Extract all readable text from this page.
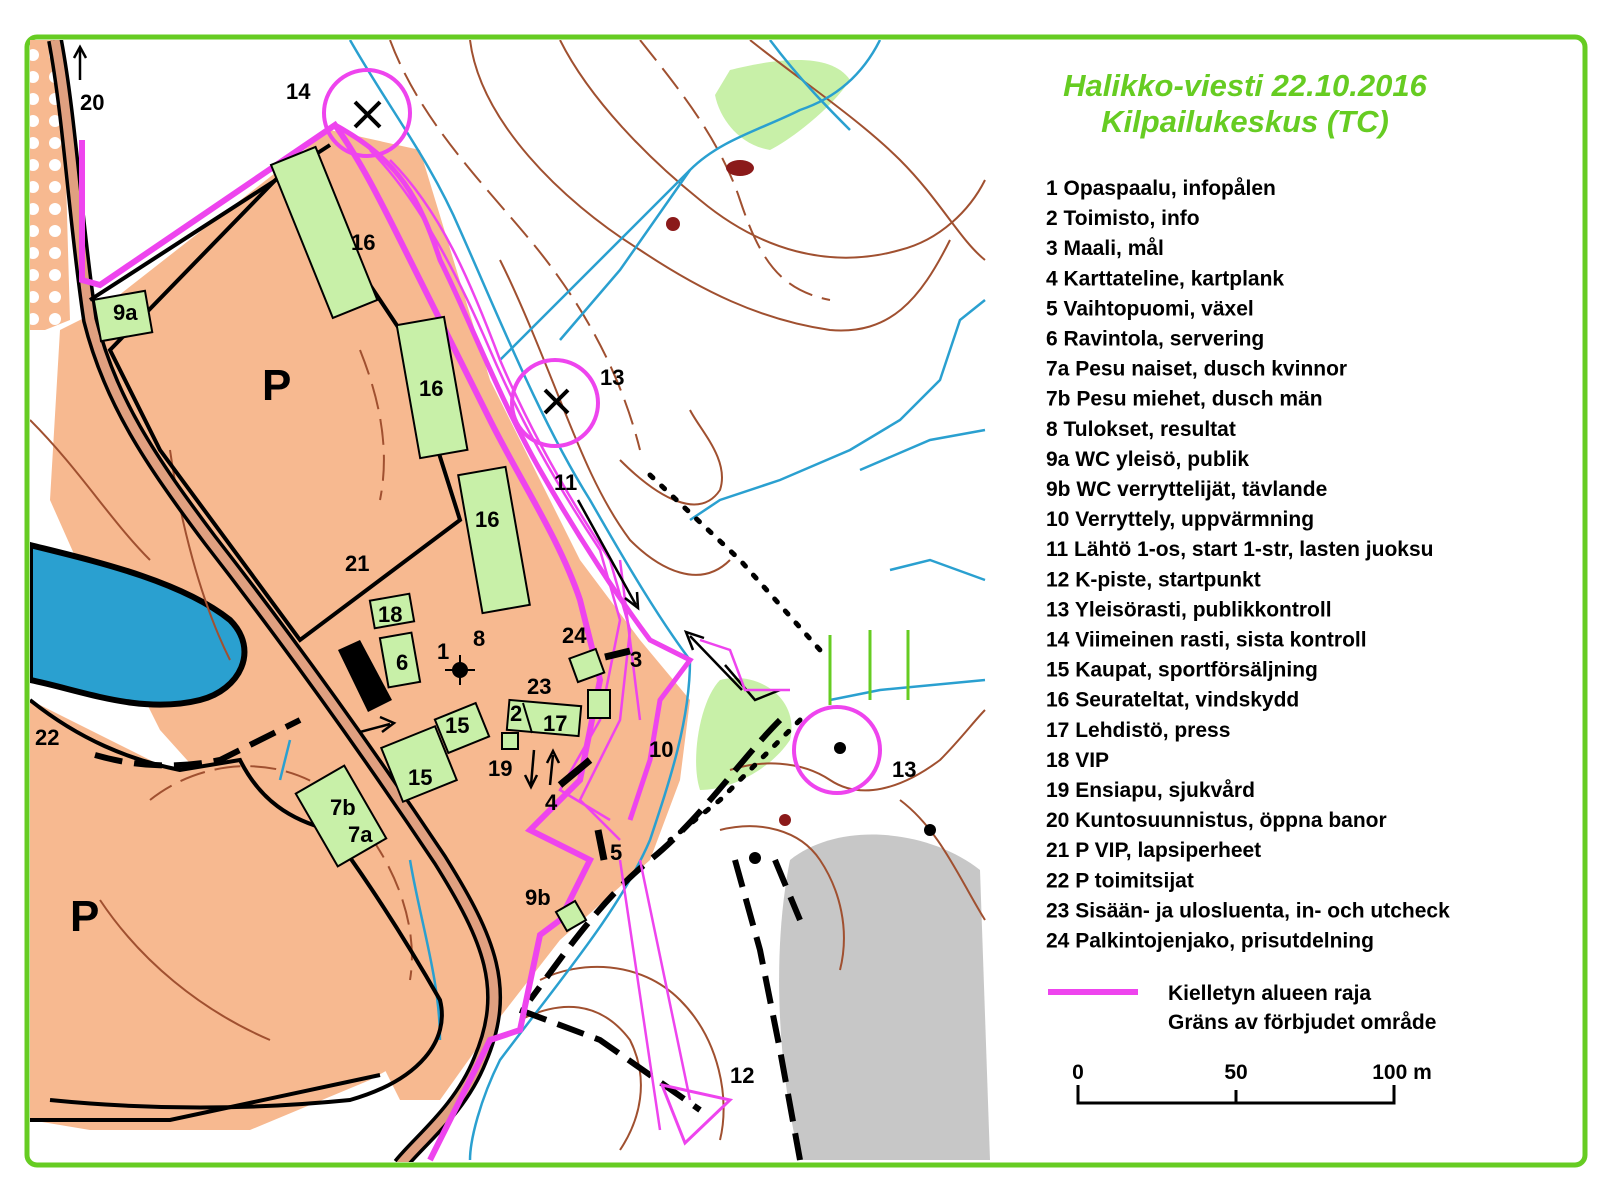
P
P
16
16
16
9a
21
18
6 1
8	24
3
23
2 17
15
15	19
4
10
5
9b
7b
7a
22
11
13
13
14
20
12
Halikko-viesti 22.10.2016
Kilpailukeskus (TC)
1 Opaspaalu, infopålen
2 Toimisto, info
3 Maali, mål
4 Karttateline, kartplank
5 Vaihtopuomi, växel
6 Ravintola, servering
7a Pesu naiset, dusch kvinnor
7b Pesu miehet, dusch män
8 Tulokset, resultat
9a WC yleisö, publik
9b WC verryttelijät, tävlande
10 Verryttely, uppvärmning
11 Lähtö 1-os, start 1-str, lasten juoksu
12 K-piste, startpunkt
13 Yleisörasti, publikkontroll
14 Viimeinen rasti, sista kontroll
15 Kaupat, sportförsäljning
16 Seurateltat, vindskydd
17 Lehdistö, press
18 VIP
19 Ensiapu, sjukvård
20 Kuntosuunnistus, öppna banor
21 P VIP, lapsiperheet
22 P toimitsijat
23 Sisään- ja ulosluenta, in- och utcheck
24 Palkintojenjako, prisutdelning
Kielletyn alueen raja
Gräns av förbjudet område
0	50	100 m
